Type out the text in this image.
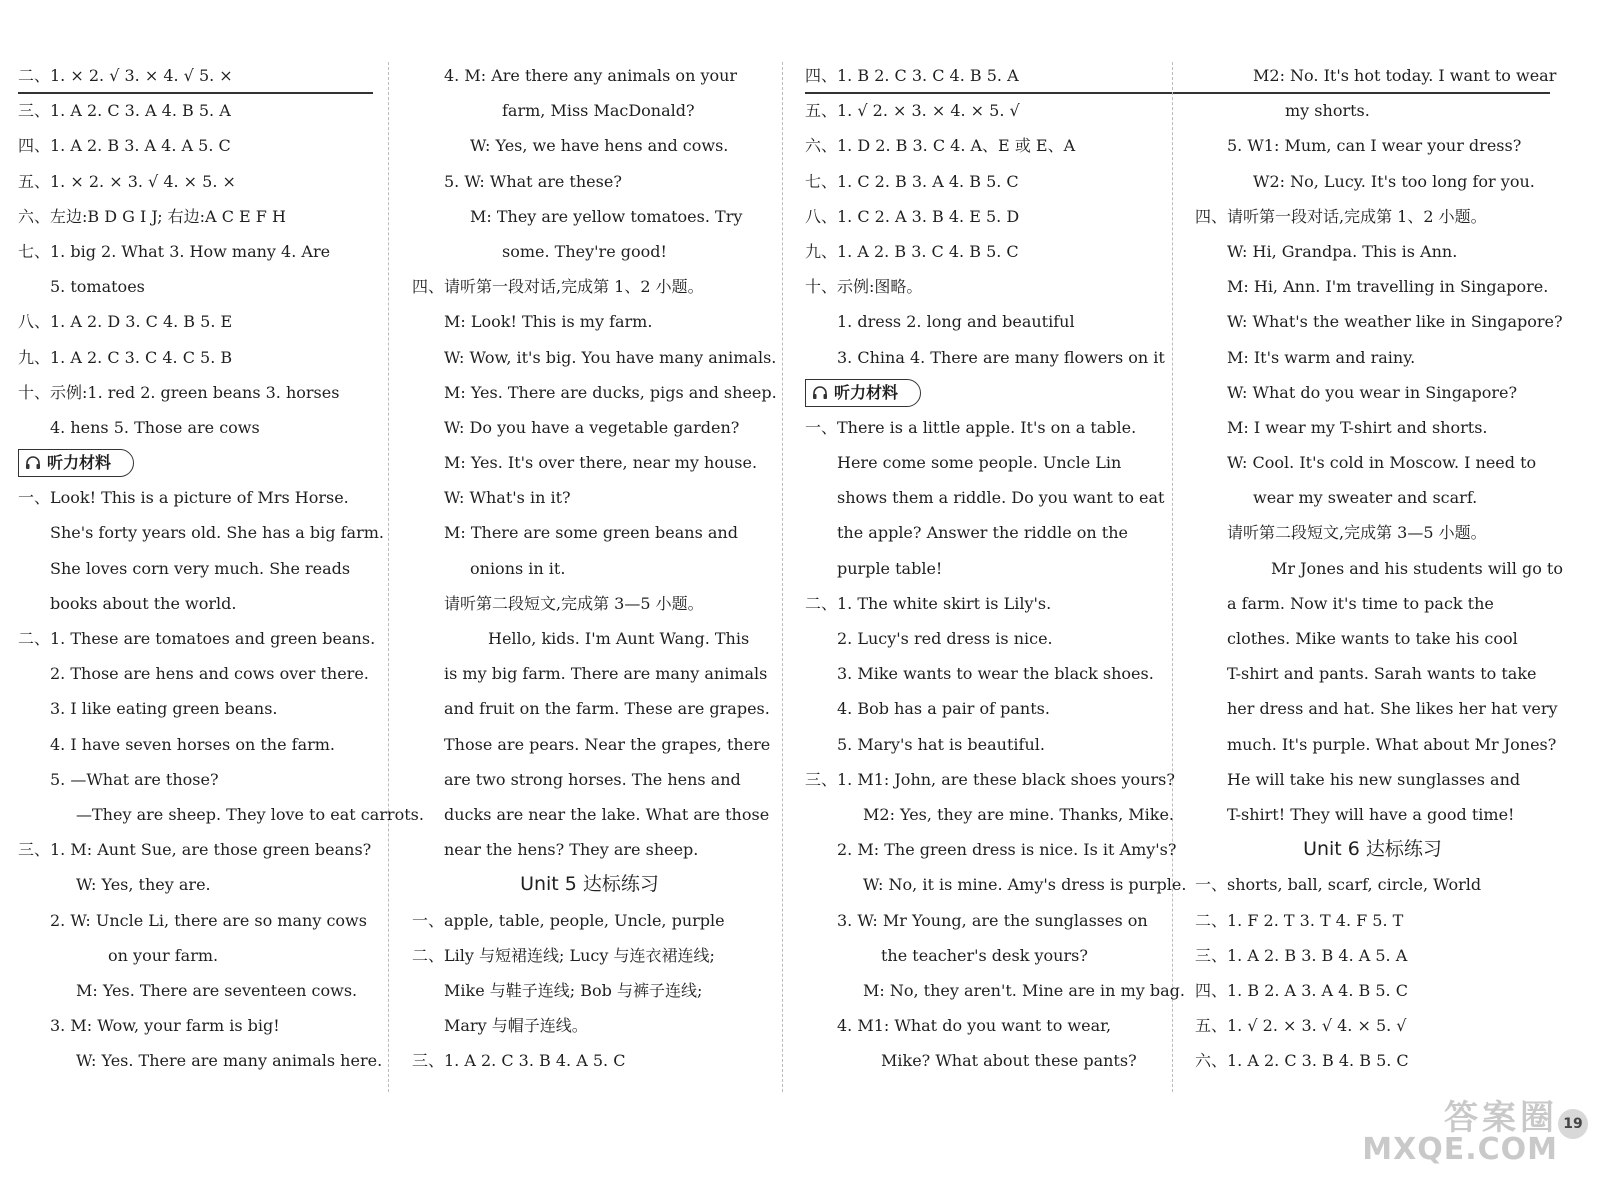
二、1. × 2. √ 3. × 4. √ 5. ×
三、1. A 2. C 3. A 4. B 5. A
四、1. A 2. B 3. A 4. A 5. C
五、1. × 2. × 3. √ 4. × 5. ×
六、左边:B D G I J; 右边:A C E F H
七、1. big 2. What 3. How many 4. Are
5. tomatoes
八、1. A 2. D 3. C 4. B 5. E
九、1. A 2. C 3. C 4. C 5. B
十、示例:1. red 2. green beans 3. horses
4. hens 5. Those are cows
听力材料
一、Look! This is a picture of Mrs Horse.
She's forty years old. She has a big farm.
She loves corn very much. She reads
books about the world.
二、1. These are tomatoes and green beans.
2. Those are hens and cows over there.
3. I like eating green beans.
4. I have seven horses on the farm.
5. —What are those?
—They are sheep. They love to eat carrots.
三、1. M: Aunt Sue, are those green beans?
W: Yes, they are.
2. W: Uncle Li, there are so many cows
on your farm.
M: Yes. There are seventeen cows.
3. M: Wow, your farm is big!
W: Yes. There are many animals here.
4. M: Are there any animals on your
farm, Miss MacDonald?
W: Yes, we have hens and cows.
5. W: What are these?
M: They are yellow tomatoes. Try
some. They're good!
四、请听第一段对话,完成第 1、2 小题。
M: Look! This is my farm.
W: Wow, it's big. You have many animals.
M: Yes. There are ducks, pigs and sheep.
W: Do you have a vegetable garden?
M: Yes. It's over there, near my house.
W: What's in it?
M: There are some green beans and
onions in it.
请听第二段短文,完成第 3—5 小题。
Hello, kids. I'm Aunt Wang. This
is my big farm. There are many animals
and fruit on the farm. These are grapes.
Those are pears. Near the grapes, there
are two strong horses. The hens and
ducks are near the lake. What are those
near the hens? They are sheep.
Unit 5 达标练习
一、apple, table, people, Uncle, purple
二、Lily 与短裙连线; Lucy 与连衣裙连线;
Mike 与鞋子连线; Bob 与裤子连线;
Mary 与帽子连线。
三、1. A 2. C 3. B 4. A 5. C
四、1. B 2. C 3. C 4. B 5. A
五、1. √ 2. × 3. × 4. × 5. √
六、1. D 2. B 3. C 4. A、E 或 E、A
七、1. C 2. B 3. A 4. B 5. C
八、1. C 2. A 3. B 4. E 5. D
九、1. A 2. B 3. C 4. B 5. C
十、示例:图略。
1. dress 2. long and beautiful
3. China 4. There are many flowers on it
听力材料
一、There is a little apple. It's on a table.
Here come some people. Uncle Lin
shows them a riddle. Do you want to eat
the apple? Answer the riddle on the
purple table!
二、1. The white skirt is Lily's.
2. Lucy's red dress is nice.
3. Mike wants to wear the black shoes.
4. Bob has a pair of pants.
5. Mary's hat is beautiful.
三、1. M1: John, are these black shoes yours?
M2: Yes, they are mine. Thanks, Mike.
2. M: The green dress is nice. Is it Amy's?
W: No, it is mine. Amy's dress is purple.
3. W: Mr Young, are the sunglasses on
the teacher's desk yours?
M: No, they aren't. Mine are in my bag.
4. M1: What do you want to wear,
Mike? What about these pants?
M2: No. It's hot today. I want to wear
my shorts.
5. W1: Mum, can I wear your dress?
W2: No, Lucy. It's too long for you.
四、请听第一段对话,完成第 1、2 小题。
W: Hi, Grandpa. This is Ann.
M: Hi, Ann. I'm travelling in Singapore.
W: What's the weather like in Singapore?
M: It's warm and rainy.
W: What do you wear in Singapore?
M: I wear my T-shirt and shorts.
W: Cool. It's cold in Moscow. I need to
wear my sweater and scarf.
请听第二段短文,完成第 3—5 小题。
Mr Jones and his students will go to
a farm. Now it's time to pack the
clothes. Mike wants to take his cool
T-shirt and pants. Sarah wants to take
her dress and hat. She likes her hat very
much. It's purple. What about Mr Jones?
He will take his new sunglasses and
T-shirt! They will have a good time!
Unit 6 达标练习
一、shorts, ball, scarf, circle, World
二、1. F 2. T 3. T 4. F 5. T
三、1. A 2. B 3. B 4. A 5. A
四、1. B 2. A 3. A 4. B 5. C
五、1. √ 2. × 3. √ 4. × 5. √
六、1. A 2. C 3. B 4. B 5. C
19
答案圈
MXQE.COM
